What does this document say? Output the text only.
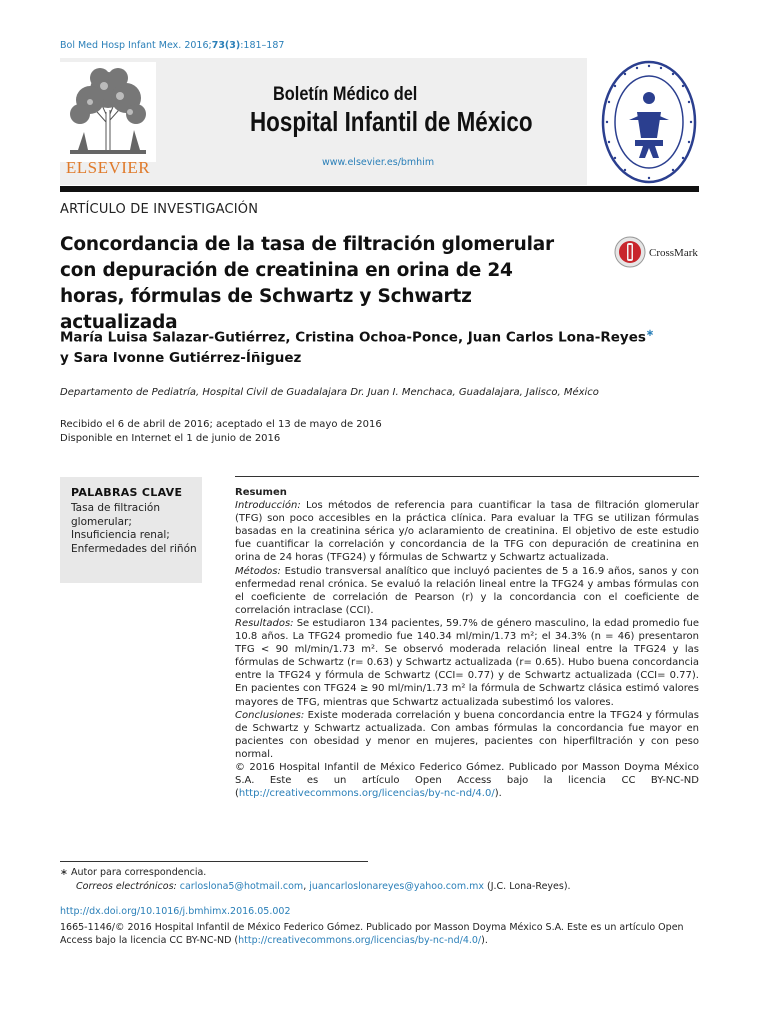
Bol Med Hosp Infant Mex. 2016;73(3):181–187
ELSEVIER
Boletín Médico del
Hospital Infantil de México
www.elsevier.es/bmhim
ARTÍCULO DE INVESTIGACIÓN
Concordancia de la tasa de filtración glomerular con depuración de creatinina en orina de 24 horas, fórmulas de Schwartz y Schwartz actualizada
CrossMark
María Luisa Salazar-Gutiérrez, Cristina Ochoa-Ponce, Juan Carlos Lona-Reyes∗
y Sara Ivonne Gutiérrez-Íñiguez
Departamento de Pediatría, Hospital Civil de Guadalajara Dr. Juan I. Menchaca, Guadalajara, Jalisco, México
Recibido el 6 de abril de 2016; aceptado el 13 de mayo de 2016
Disponible en Internet el 1 de junio de 2016
PALABRAS CLAVE
Tasa de filtración glomerular;
Insuficiencia renal;
Enfermedades del riñón

Resumen

Introducción: Los métodos de referencia para cuantificar la tasa de filtración glomerular (TFG) son poco accesibles en la práctica clínica. Para evaluar la TFG se utilizan fórmulas basadas en la creatinina sérica y/o aclaramiento de creatinina. El objetivo de este estudio fue cuantificar la correlación y concordancia de la TFG con depuración de creatinina en orina de 24 horas (TFG24) y fórmulas de Schwartz y Schwartz actualizada.

Métodos: Estudio transversal analítico que incluyó pacientes de 5 a 16.9 años, sanos y con enfermedad renal crónica. Se evaluó la relación lineal entre la TFG24 y ambas fórmulas con el coeficiente de correlación de Pearson (r) y la concordancia con el coeficiente de correlación intraclase (CCI).

Resultados: Se estudiaron 134 pacientes, 59.7% de género masculino, la edad promedio fue 10.8 años. La TFG24 promedio fue 140.34 ml/min/1.73 m²; el 34.3% (n = 46) presentaron TFG < 90 ml/min/1.73 m². Se observó moderada relación lineal entre la TFG24 y las fórmulas de Schwartz (r= 0.63) y Schwartz actualizada (r= 0.65). Hubo buena concordancia entre la TFG24 y fórmula de Schwartz (CCI= 0.77) y de Schwartz actualizada (CCI= 0.77). En pacientes con TFG24 ≥ 90 ml/min/1.73 m² la fórmula de Schwartz clásica estimó valores mayores de TFG, mientras que Schwartz actualizada subestimó los valores.

Conclusiones: Existe moderada correlación y buena concordancia entre la TFG24 y fórmulas de Schwartz y Schwartz actualizada. Con ambas fórmulas la concordancia fue mayor en pacientes con obesidad y menor en mujeres, pacientes con hiperfiltración y con peso normal.

© 2016 Hospital Infantil de México Federico Gómez. Publicado por Masson Doyma México S.A. Este es un artículo Open Access bajo la licencia CC BY-NC-ND (http://creativecommons.org/licencias/by-nc-nd/4.0/).

∗ Autor para correspondencia.
Correos electrónicos: carloslona5@hotmail.com, juancarloslonareyes@yahoo.com.mx (J.C. Lona-Reyes).
http://dx.doi.org/10.1016/j.bmhimx.2016.05.002
1665-1146/© 2016 Hospital Infantil de México Federico Gómez. Publicado por Masson Doyma México S.A. Este es un artículo Open Access bajo la licencia CC BY-NC-ND (http://creativecommons.org/licencias/by-nc-nd/4.0/).
